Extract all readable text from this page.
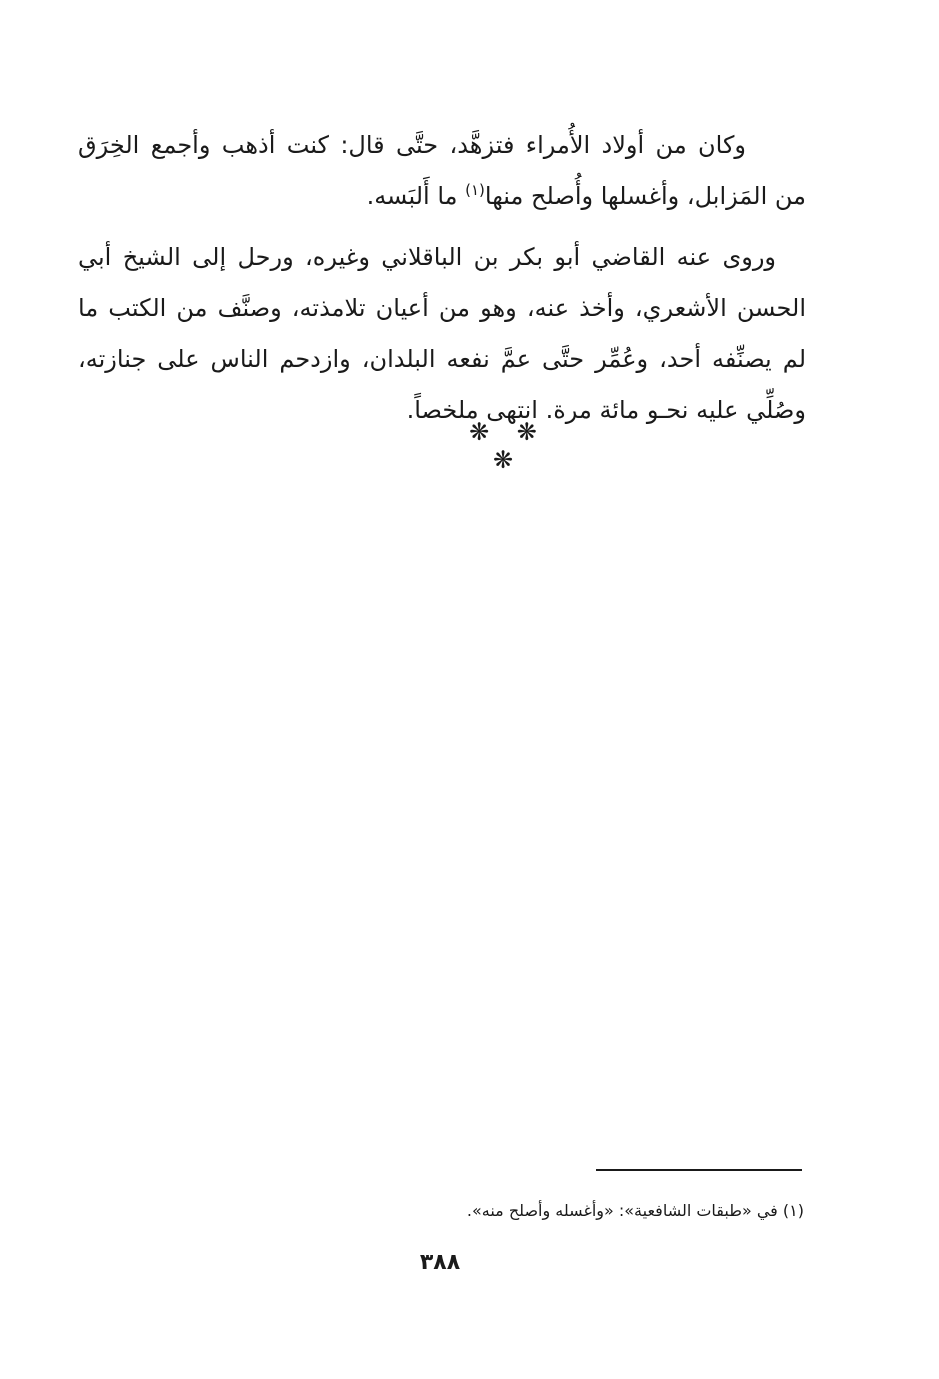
وكان من أولاد الأُمراء فتزهَّد، حتَّى قال: كنت أذهب وأجمع الخِرَق من المَزابل، وأغسلها وأُصلح منها$^{(١)}$ ما أَلبَسه.

وروى عنه القاضي أبو بكر بن الباقلاني وغيره، ورحل إلى الشيخ أبي الحسن الأشعري، وأخذ عنه، وهو من أعيان تلامذته، وصنَّف من الكتب ما لم يصنِّفه أحد، وعُمِّر حتَّى عمَّ نفعه البلدان، وازدحم الناس على جنازته، وصُلِّي عليه نحـو مائة مرة. انتهى ملخصاً.

❋ ❋ ❋
(١) في «طبقات الشافعية»: «وأغسله وأصلح منه».
٣٨٨
